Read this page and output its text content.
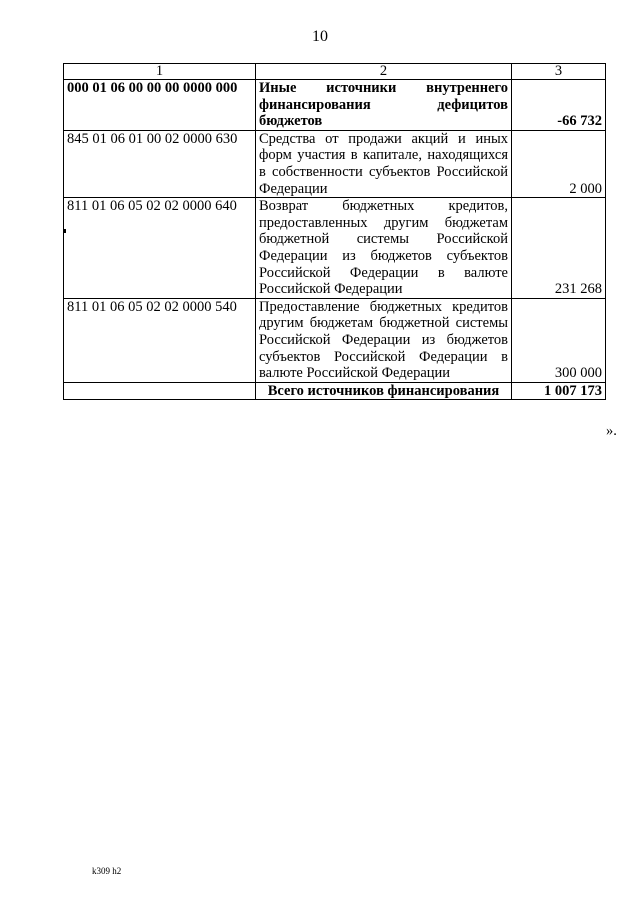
10
1	2	3
000 01 06 00 00 00 0000 000	Иные источники внутреннего финансирования дефицитов бюджетов	-66 732
845 01 06 01 00 02 0000 630	Средства от продажи акций и иных форм участия в капитале, находящихся в собственности субъектов Российской Федерации	2 000
811 01 06 05 02 02 0000 640	Возврат бюджетных кредитов, предоставленных другим бюджетам бюджетной системы Российской Федерации из бюджетов субъектов Российской Федерации в валюте Российской Федерации	231 268
811 01 06 05 02 02 0000 540	Предоставление бюджетных кредитов другим бюджетам бюджетной системы Российской Федерации из бюджетов субъектов Российской Федерации в валюте Российской Федерации	300 000
	Всего источников финансирования	1 007 173
».
k309 h2
